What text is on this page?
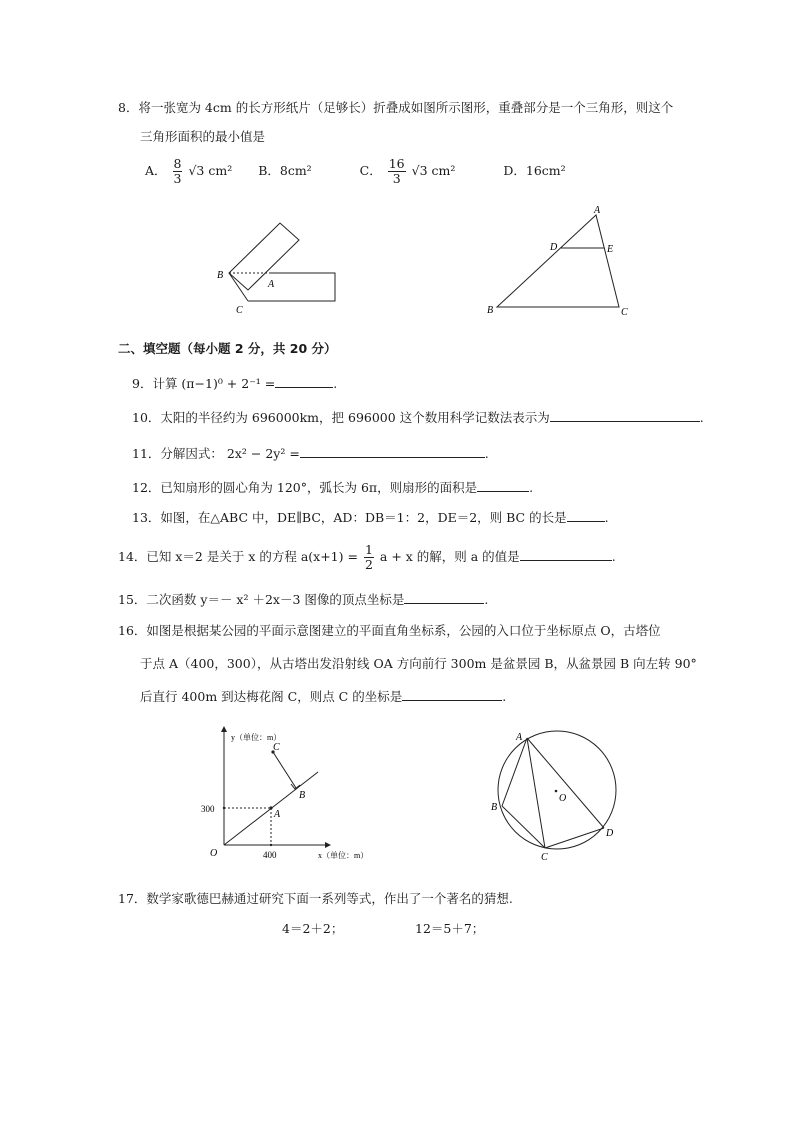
8．将一张宽为 4cm 的长方形纸片（足够长）折叠成如图所示图形，重叠部分是一个三角形，则这个
三角形面积的最小值是
A． $\frac{8}{3} √3$ cm² B．8cm²	C． $\frac{16}{3} √3$ cm²	D．16cm²
B
A
C
A
D	E
B	C
二、填空题（每小题 2 分，共 20 分）
9．计算 (π−1)⁰ + 2⁻¹ =	.
10．太阳的半径约为 696000km，把 696000 这个数用科学记数法表示为	.
11．分解因式： 2x² − 2y² =	.
12．已知扇形的圆心角为 120°，弧长为 6π，则扇形的面积是	.
13．如图，在△ABC 中，DE∥BC，AD：DB＝1：2，DE＝2，则 BC 的长是	.
14．已知 x＝2 是关于 x 的方程 $a(x+1) = \frac{1}{2}$ a + x 的解，则 a 的值是	.
15．二次函数 y＝－ x² ＋2x－3 图像的顶点坐标是	.
16．如图是根据某公园的平面示意图建立的平面直角坐标系，公园的入口位于坐标原点 O，古塔位
于点 A（400，300），从古塔出发沿射线 OA 方向前行 300m 是盆景园 B，从盆景园 B 向左转 90°
后直行 400m 到达梅花阁 C，则点 C 的坐标是	.
y（单位：m）
x（单位：m）
300
400
O
A
B
C
A
B
C
D
O
17．数学家歌德巴赫通过研究下面一系列等式，作出了一个著名的猜想.
4＝2＋2；	12＝5＋7；
